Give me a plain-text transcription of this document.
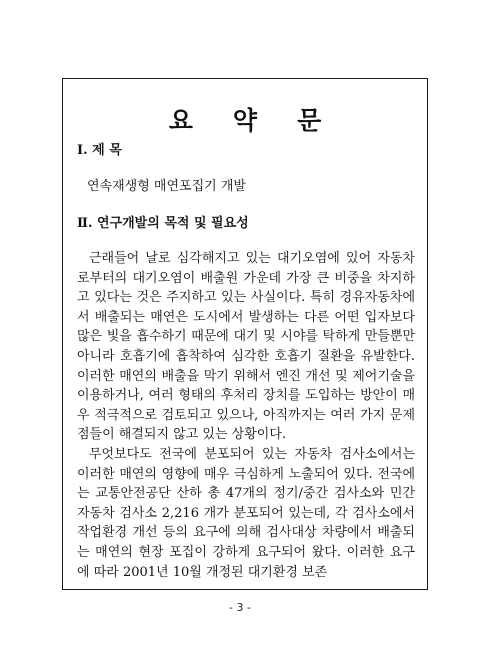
요 약 문
Ⅰ. 제 목
연속재생형 매연포집기 개발
Ⅱ. 연구개발의 목적 및 필요성

근래들어 날로 심각해지고 있는 대기오염에 있어 자동차로부터의 대기오염이 배출원 가운데 가장 큰 비중을 차지하고 있다는 것은 주지하고 있는 사실이다. 특히 경유자동차에서 배출되는 매연은 도시에서 발생하는 다른 어떤 입자보다 많은 빛을 흡수하기 때문에 대기 및 시야를 탁하게 만들뿐만 아니라 호흡기에 흡착하여 심각한 호흡기 질환을 유발한다. 이러한 매연의 배출을 막기 위해서 엔진 개선 및 제어기술을 이용하거나, 여러 형태의 후처리 장치를 도입하는 방안이 매우 적극적으로 검토되고 있으나, 아직까지는 여러 가지 문제점들이 해결되지 않고 있는 상황이다.

무엇보다도 전국에 분포되어 있는 자동차 검사소에서는 이러한 매연의 영향에 매우 극심하게 노출되어 있다. 전국에는 교통안전공단 산하 총 47개의 정기/중간 검사소와 민간 자동차 검사소 2,216 개가 분포되어 있는데, 각 검사소에서 작업환경 개선 등의 요구에 의해 검사대상 차량에서 배출되는 매연의 현장 포집이 강하게 요구되어 왔다. 이러한 요구에 따라 2001년 10월 개정된 대기환경 보존

- 3 -
